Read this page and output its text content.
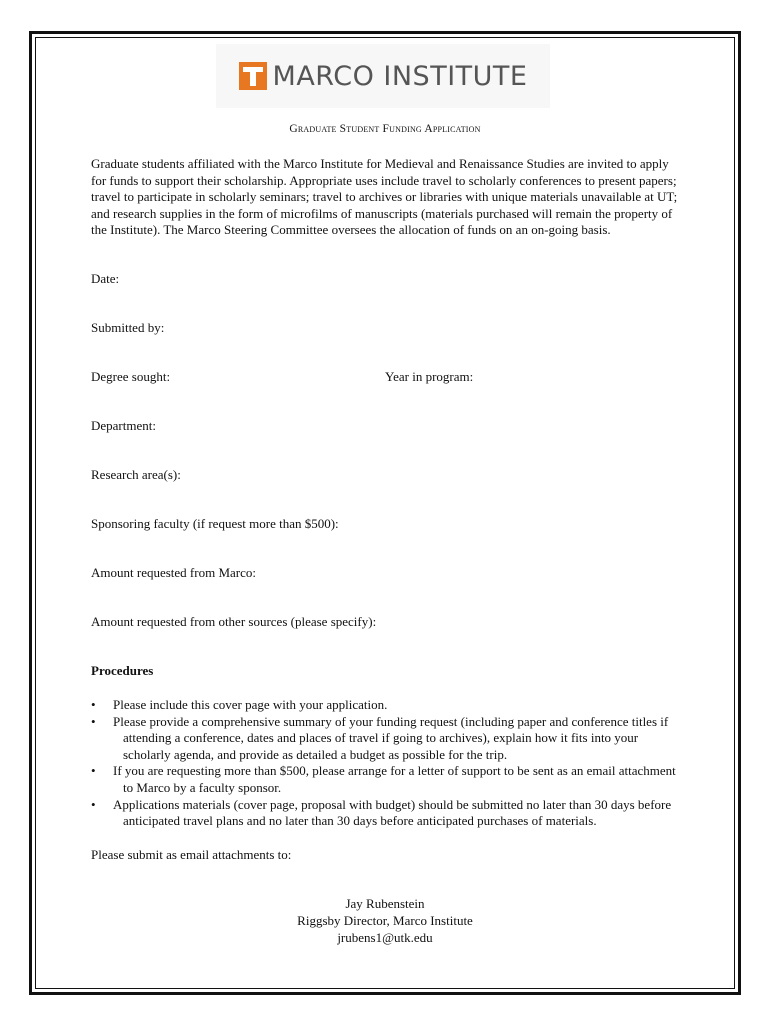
MARCO INSTITUTE
Graduate Student Funding Application
Graduate students affiliated with the Marco Institute for Medieval and Renaissance Studies are invited to apply for funds to support their scholarship. Appropriate uses include travel to scholarly conferences to present papers; travel to participate in scholarly seminars; travel to archives or libraries with unique materials unavailable at UT; and research supplies in the form of microfilms of manuscripts (materials purchased will remain the property of the Institute). The Marco Steering Committee oversees the allocation of funds on an on-going basis.
Date:
Submitted by:
Degree sought:	Year in program:
Department:
Research area(s):
Sponsoring faculty (if request more than $500):
Amount requested from Marco:
Amount requested from other sources (please specify):
Procedures
• Please include this cover page with your application.
• Please provide a comprehensive summary of your funding request (including paper and conference titles if attending a conference, dates and places of travel if going to archives), explain how it fits into your scholarly agenda, and provide as detailed a budget as possible for the trip.
• If you are requesting more than $500, please arrange for a letter of support to be sent as an email attachment to Marco by a faculty sponsor.
• Applications materials (cover page, proposal with budget) should be submitted no later than 30 days before anticipated travel plans and no later than 30 days before anticipated purchases of materials.
Please submit as email attachments to:
Jay Rubenstein
Riggsby Director, Marco Institute
jrubens1@utk.edu
